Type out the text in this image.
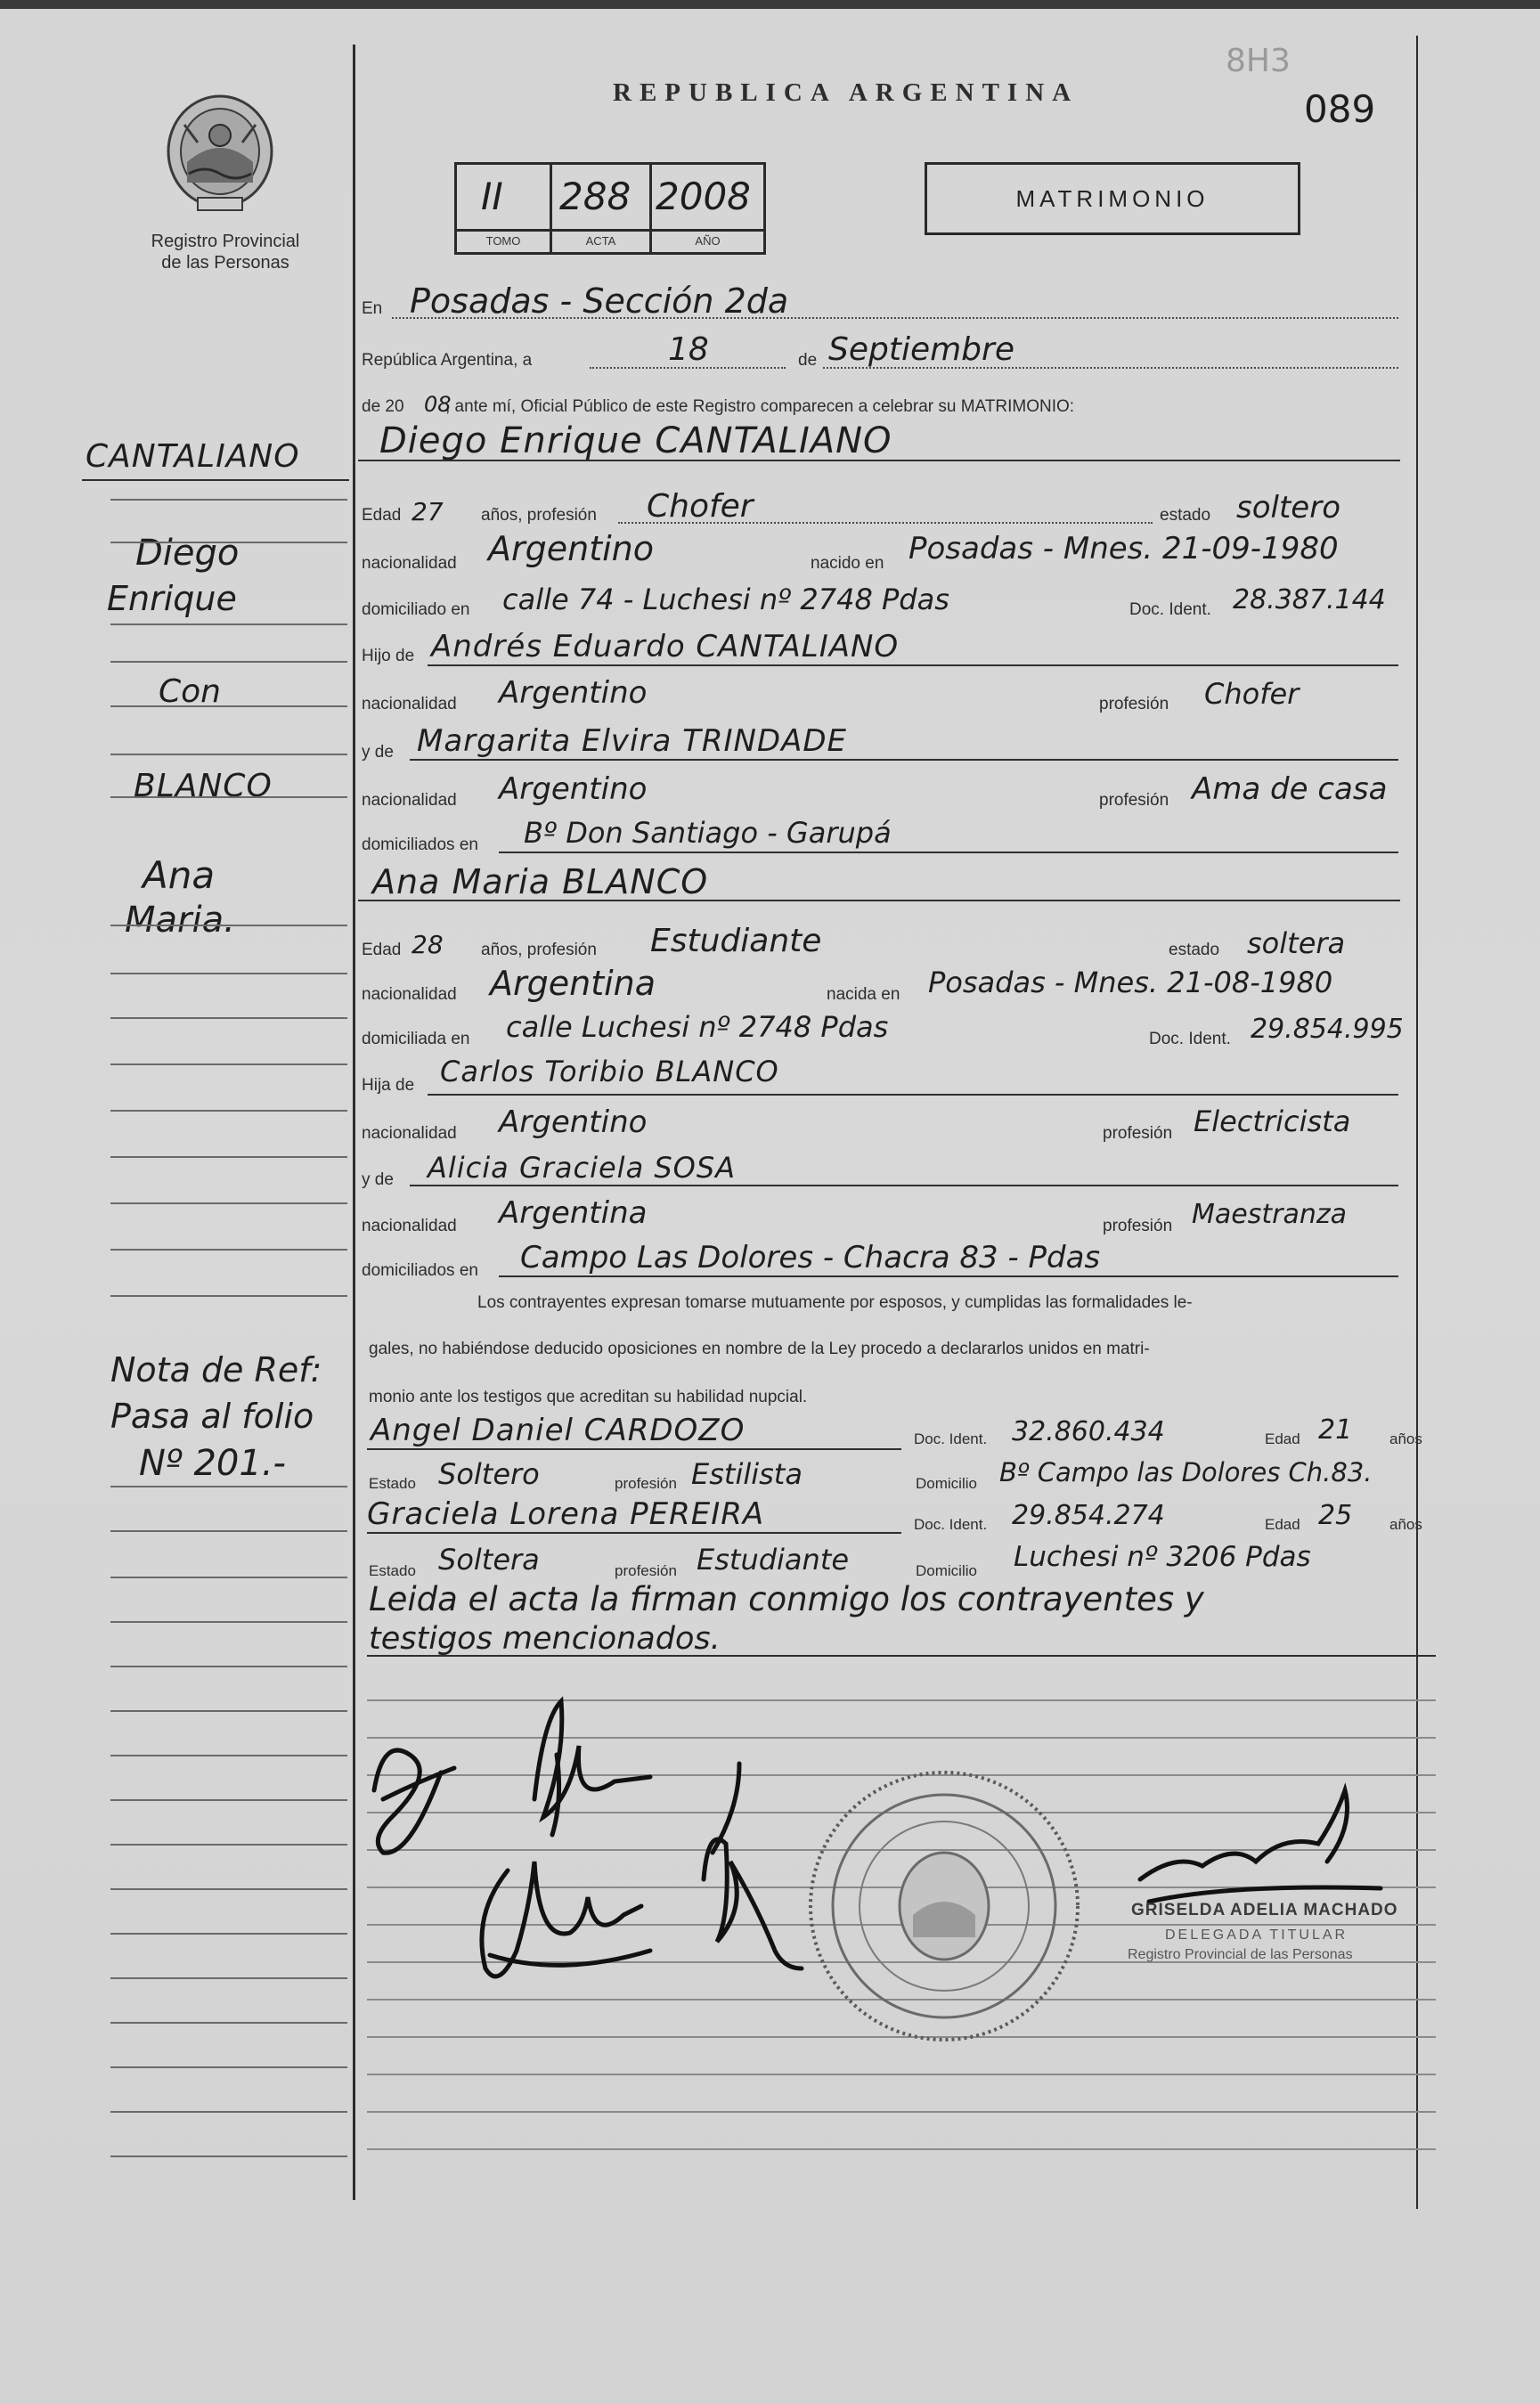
Registro Provincial
de las Personas
REPUBLICA ARGENTINA
8H3
089
II 288 2008
TOMO	ACTA	AÑO
MATRIMONIO
En Posadas - Sección 2da
República Argentina, a	18	de Septiembre
de 20 08
, ante mí, Oficial Público de este Registro comparecen a celebrar su MATRIMONIO:
Diego Enrique CANTALIANO
Edad 27 años, profesión Chofer	estado soltero
nacionalidad Argentino	nacido en Posadas - Mnes. 21-09-1980
domiciliado en calle 74 - Luchesi nº 2748 Pdas	Doc. Ident. 28.387.144
Hijo de Andrés Eduardo CANTALIANO
nacionalidad Argentino	profesión Chofer
y de Margarita Elvira TRINDADE
nacionalidad Argentino	profesión Ama de casa
domiciliados en Bº Don Santiago - Garupá
Ana Maria BLANCO
Edad 28 años, profesión Estudiante	estado soltera
nacionalidad Argentina	nacida en Posadas - Mnes. 21-08-1980
domiciliada en calle Luchesi nº 2748 Pdas	Doc. Ident. 29.854.995
Hija de Carlos Toribio BLANCO
nacionalidad Argentino	profesión Electricista
y de Alicia Graciela SOSA
nacionalidad Argentina	profesión Maestranza
domiciliados en Campo Las Dolores - Chacra 83 - Pdas
Los contrayentes expresan tomarse mutuamente por esposos, y cumplidas las formalidades le-
gales, no habiéndose deducido oposiciones en nombre de la Ley procedo a declararlos unidos en matri-
monio ante los testigos que acreditan su habilidad nupcial.
Angel Daniel CARDOZO	Doc. Ident. 32.860.434	Edad 21 años
Estado Soltero	profesión Estilista	Domicilio Bº Campo las Dolores Ch.83.
Graciela Lorena PEREIRA	Doc. Ident. 29.854.274	Edad 25 años
Estado Soltera	profesión Estudiante	Domicilio Luchesi nº 3206 Pdas
Leida el acta la firman conmigo los contrayentes y
testigos mencionados.
GRISELDA ADELIA MACHADO
DELEGADA TITULAR
Registro Provincial de las Personas
CANTALIANO
Diego
Enrique
Con
BLANCO
Ana
Maria.
Nota de Ref:
Pasa al folio
Nº 201.-
